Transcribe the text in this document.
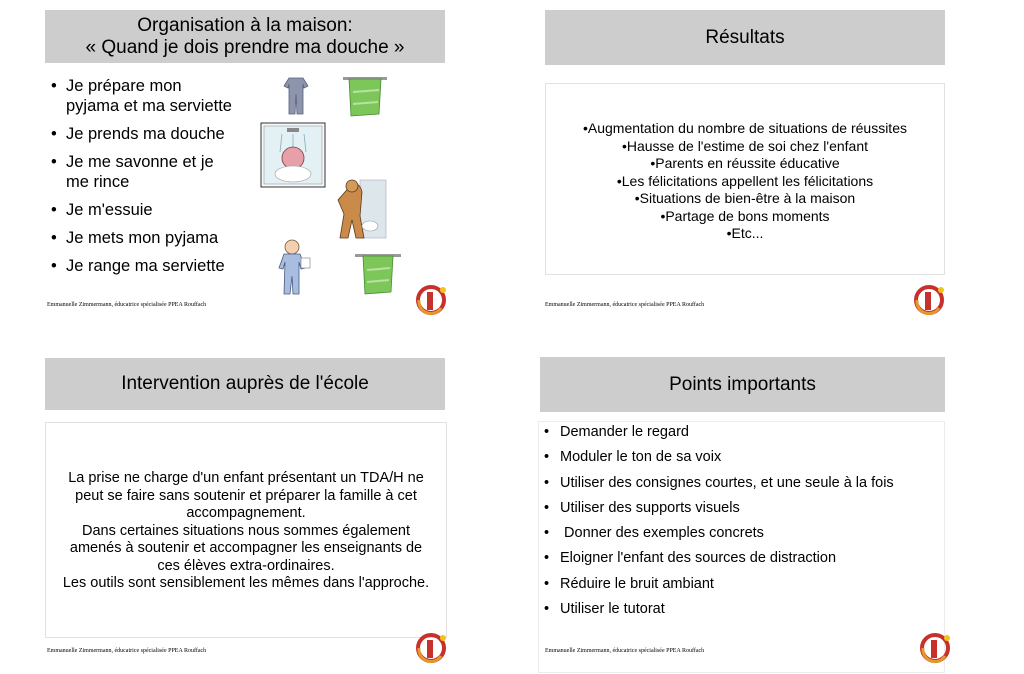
Organisation à la maison:
« Quand je dois prendre ma douche »
• Je prépare mon pyjama et ma serviette
• Je prends ma douche
• Je me savonne et je me rince
• Je m'essuie
• Je mets mon pyjama
• Je range ma serviette
Emmanuelle Zimmermann, éducatrice spécialisée PPEA Rouffach
Résultats
•Augmentation du nombre de situations de réussites
•Hausse de l'estime de soi chez l'enfant
•Parents en réussite éducative
•Les félicitations appellent les félicitations
•Situations de bien-être à la maison
•Partage de bons moments
•Etc...
Emmanuelle Zimmermann, éducatrice spécialisée PPEA Rouffach
Intervention auprès de l'école
La prise ne charge d'un enfant présentant un TDA/H ne
peut se faire sans soutenir et préparer la famille à cet
accompagnement.
Dans certaines situations nous sommes également
amenés à soutenir et accompagner les enseignants de
ces élèves extra-ordinaires.
Les outils sont sensiblement les mêmes dans l'approche.
Emmanuelle Zimmermann, éducatrice spécialisée PPEA Rouffach
Points importants
• Demander le regard
• Moduler le ton de sa voix
• Utiliser des consignes courtes, et une seule à la fois
• Utiliser des supports visuels
•  Donner des exemples concrets
• Eloigner l'enfant des sources de distraction
• Réduire le bruit ambiant
• Utiliser le tutorat
Emmanuelle Zimmermann, éducatrice spécialisée PPEA Rouffach
